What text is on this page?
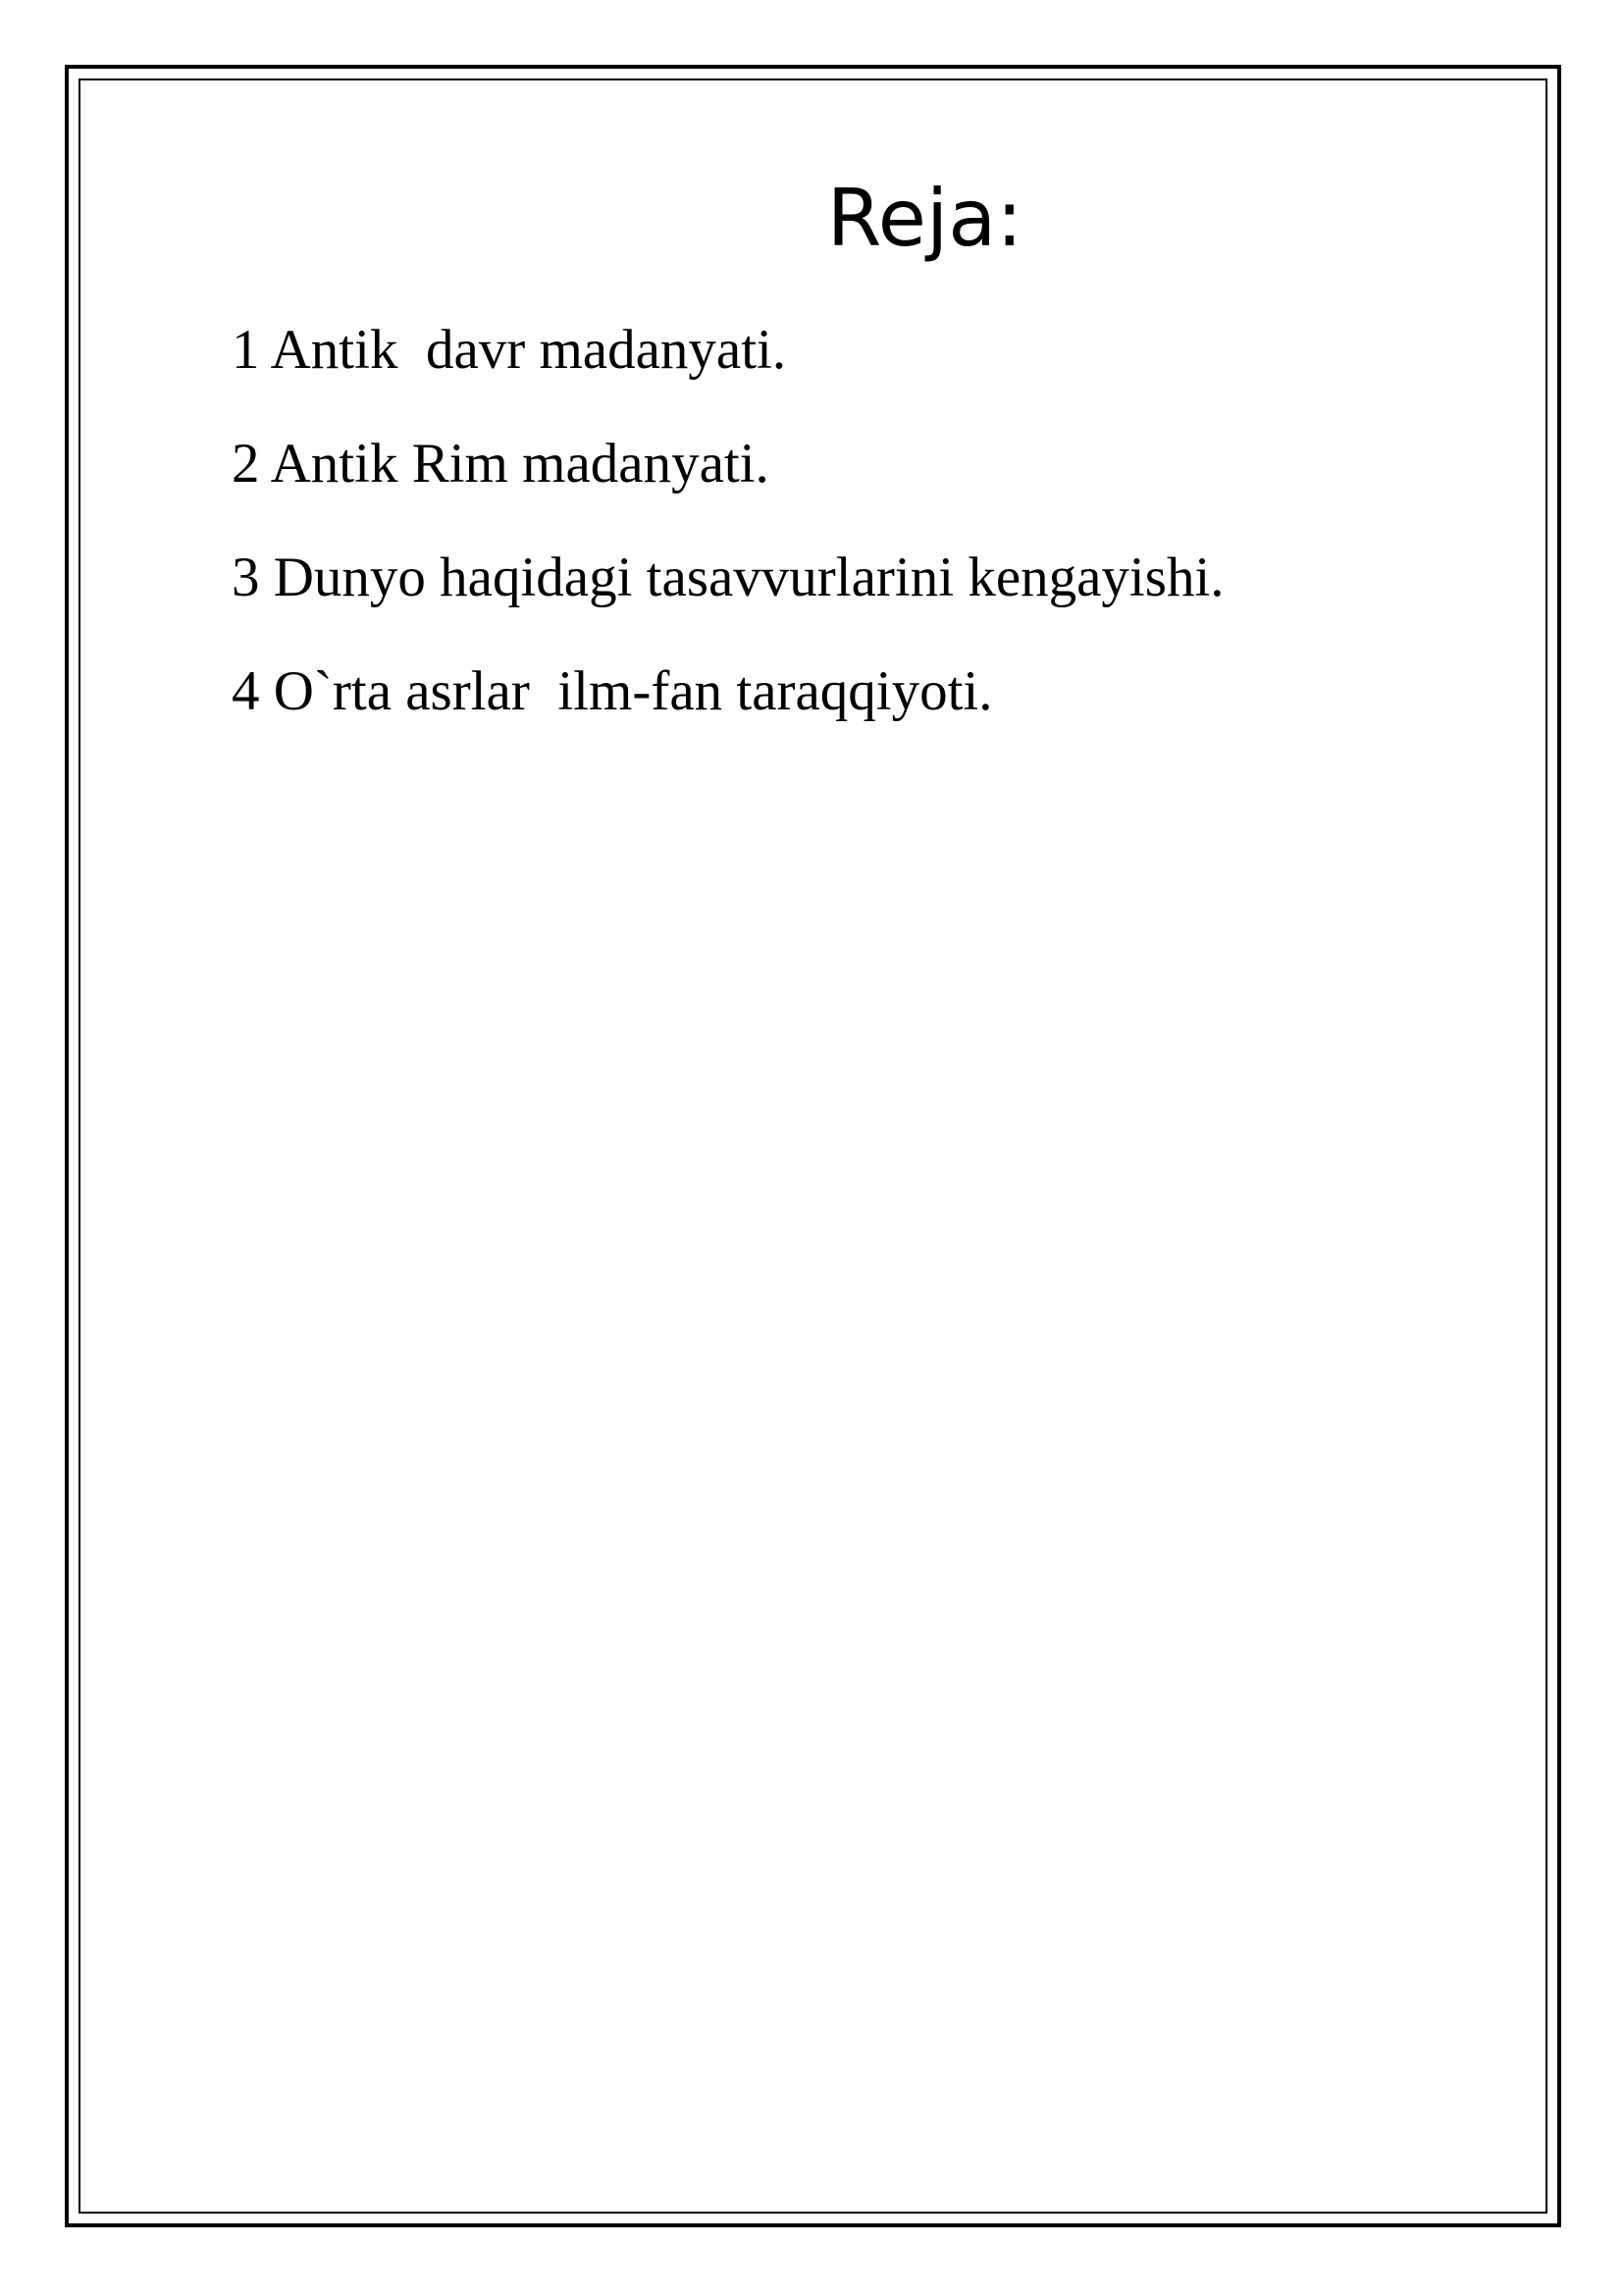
Reja:
1 Antik  davr madanyati.
2 Antik Rim madanyati.
3 Dunyo haqidagi tasavvurlarini kengayishi.
4 O`rta asrlar  ilm-fan taraqqiyoti.
